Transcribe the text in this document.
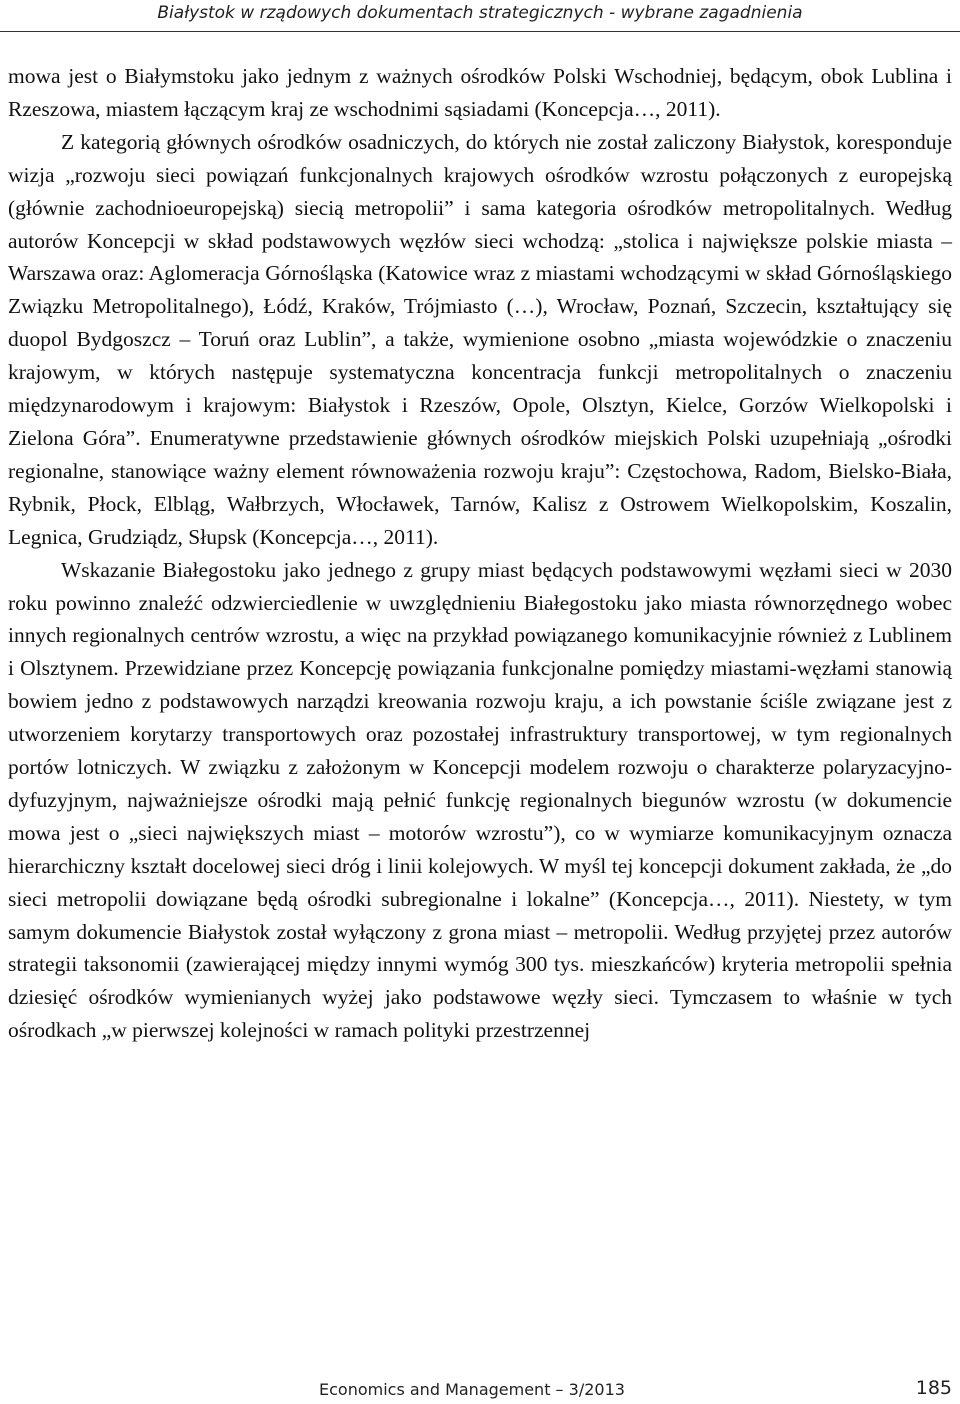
Białystok w rządowych dokumentach strategicznych - wybrane zagadnienia

mowa jest o Białymstoku jako jednym z ważnych ośrodków Polski Wschodniej, będącym, obok Lublina i Rzeszowa, miastem łączącym kraj ze wschodnimi sąsiadami (Koncepcja…, 2011).

Z kategorią głównych ośrodków osadniczych, do których nie został zaliczony Białystok, koresponduje wizja „rozwoju sieci powiązań funkcjonalnych krajowych ośrodków wzrostu połączonych z europejską (głównie zachodnioeuropejską) siecią metropolii” i sama kategoria ośrodków metropolitalnych. Według autorów Koncepcji w skład podstawowych węzłów sieci wchodzą: „stolica i największe polskie miasta – Warszawa oraz: Aglomeracja Górnośląska (Katowice wraz z miastami wchodzącymi w skład Górnośląskiego Związku Metropolitalnego), Łódź, Kraków, Trójmiasto (…), Wrocław, Poznań, Szczecin, kształtujący się duopol Bydgoszcz – Toruń oraz Lublin”, a także, wymienione osobno „miasta wojewódzkie o znaczeniu krajowym, w których następuje systematyczna koncentracja funkcji metropolitalnych o znaczeniu międzynarodowym i krajowym: Białystok i Rzeszów, Opole, Olsztyn, Kielce, Gorzów Wielkopolski i Zielona Góra”. Enumeratywne przedstawienie głównych ośrodków miejskich Polski uzupełniają „ośrodki regionalne, stanowiące ważny element równoważenia rozwoju kraju”: Częstochowa, Radom, Bielsko-Biała, Rybnik, Płock, Elbląg, Wałbrzych, Włocławek, Tarnów, Kalisz z Ostrowem Wielkopolskim, Koszalin, Legnica, Grudziądz, Słupsk (Koncepcja…, 2011).

Wskazanie Białegostoku jako jednego z grupy miast będących podstawowymi węzłami sieci w 2030 roku powinno znaleźć odzwierciedlenie w uwzględnieniu Białegostoku jako miasta równorzędnego wobec innych regionalnych centrów wzrostu, a więc na przykład powiązanego komunikacyjnie również z Lublinem i Olsztynem. Przewidziane przez Koncepcję powiązania funkcjonalne pomiędzy miastami-węzłami stanowią bowiem jedno z podstawowych narządzi kreowania rozwoju kraju, a ich powstanie ściśle związane jest z utworzeniem korytarzy transportowych oraz pozostałej infrastruktury transportowej, w tym regionalnych portów lotniczych. W związku z założonym w Koncepcji modelem rozwoju o charakterze polaryzacyjno-dyfuzyjnym, najważniejsze ośrodki mają pełnić funkcję regionalnych biegunów wzrostu (w dokumencie mowa jest o „sieci największych miast – motorów wzrostu”), co w wymiarze komunikacyjnym oznacza hierarchiczny kształt docelowej sieci dróg i linii kolejowych. W myśl tej koncepcji dokument zakłada, że „do sieci metropolii dowiązane będą ośrodki subregionalne i lokalne” (Koncepcja…, 2011). Niestety, w tym samym dokumencie Białystok został wyłączony z grona miast – metropolii. Według przyjętej przez autorów strategii taksonomii (zawierającej między innymi wymóg 300 tys. mieszkańców) kryteria metropolii spełnia dziesięć ośrodków wymienianych wyżej jako podstawowe węzły sieci. Tymczasem to właśnie w tych ośrodkach „w pierwszej kolejności w ramach polityki przestrzennej

Economics and Management – 3/2013	185
